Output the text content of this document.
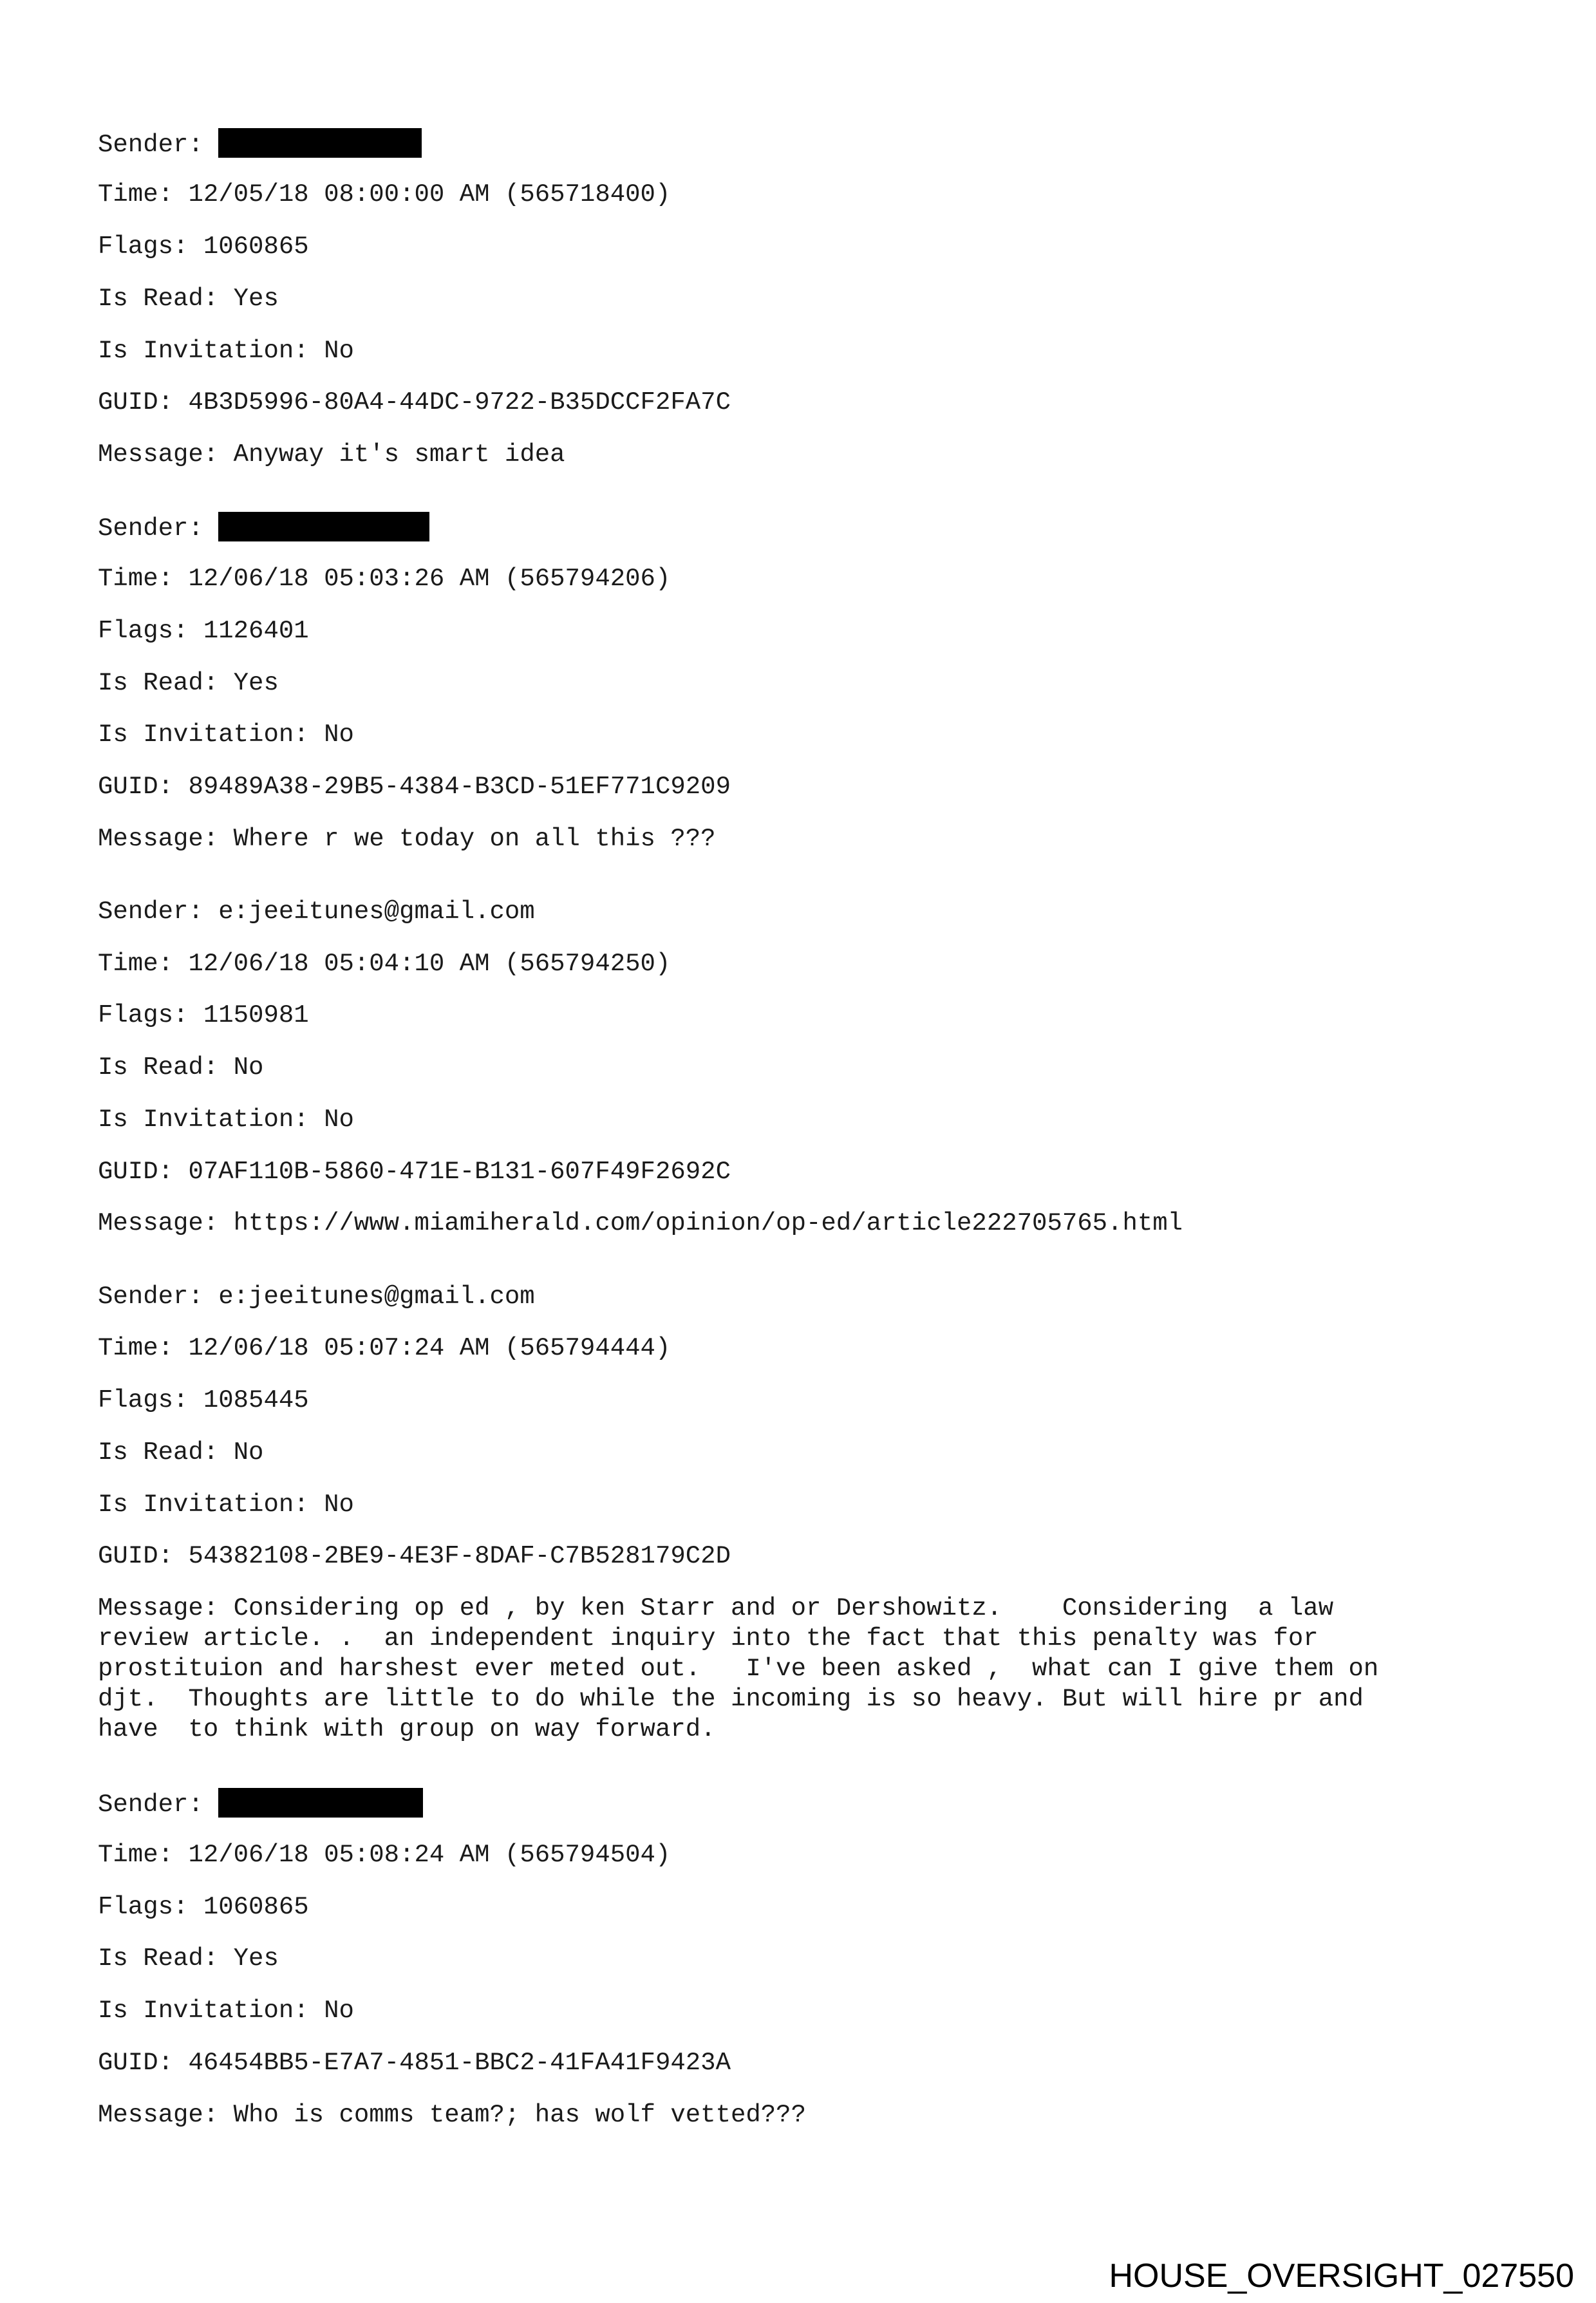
Sender:
Time: 12/05/18 08:00:00 AM (565718400)
Flags: 1060865
Is Read: Yes
Is Invitation: No
GUID: 4B3D5996-80A4-44DC-9722-B35DCCF2FA7C
Message: Anyway it's smart idea
Sender:
Time: 12/06/18 05:03:26 AM (565794206)
Flags: 1126401
Is Read: Yes
Is Invitation: No
GUID: 89489A38-29B5-4384-B3CD-51EF771C9209
Message: Where r we today on all this ???
Sender: e:jeeitunes@gmail.com
Time: 12/06/18 05:04:10 AM (565794250)
Flags: 1150981
Is Read: No
Is Invitation: No
GUID: 07AF110B-5860-471E-B131-607F49F2692C
Message: https://www.miamiherald.com/opinion/op-ed/article222705765.html
Sender: e:jeeitunes@gmail.com
Time: 12/06/18 05:07:24 AM (565794444)
Flags: 1085445
Is Read: No
Is Invitation: No
GUID: 54382108-2BE9-4E3F-8DAF-C7B528179C2D
Message: Considering op ed , by ken Starr and or Dershowitz.    Considering  a law
review article. .  an independent inquiry into the fact that this penalty was for
prostituion and harshest ever meted out.   I've been asked ,  what can I give them on
djt.  Thoughts are little to do while the incoming is so heavy. But will hire pr and
have  to think with group on way forward.
Sender:
Time: 12/06/18 05:08:24 AM (565794504)
Flags: 1060865
Is Read: Yes
Is Invitation: No
GUID: 46454BB5-E7A7-4851-BBC2-41FA41F9423A
Message: Who is comms team?; has wolf vetted???
HOUSE_OVERSIGHT_027550
